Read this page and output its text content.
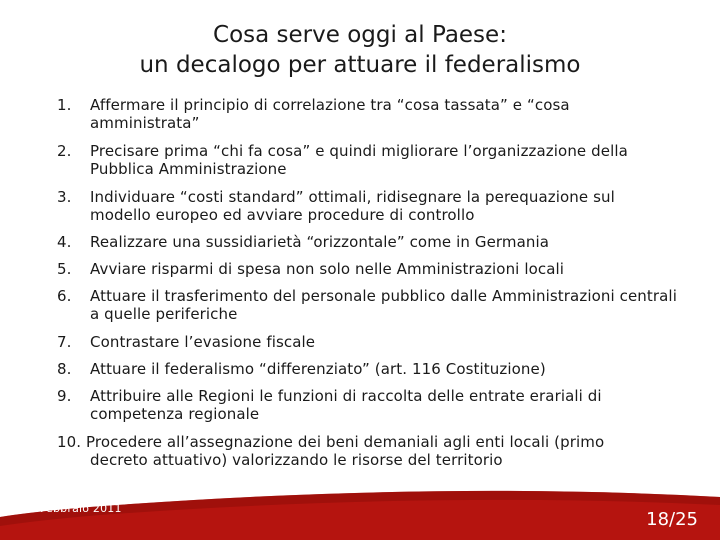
Cosa serve oggi al Paese:
un decalogo per attuare il federalismo
1.	Affermare il principio di correlazione tra “cosa tassata” e “cosa amministrata”
2.	Precisare prima “chi fa cosa” e quindi migliorare l’organizzazione della Pubblica Amministrazione
3.	Individuare “costi standard” ottimali, ridisegnare la perequazione sul modello europeo ed avviare procedure di controllo
4.	Realizzare una sussidiarietà “orizzontale” come in Germania
5.	Avviare risparmi di spesa non solo nelle Amministrazioni locali
6.	Attuare il trasferimento del personale pubblico dalle Amministrazioni centrali a quelle periferiche
7.	Contrastare l’evasione fiscale
8.	Attuare il federalismo “differenziato” (art. 116 Costituzione)
9.	Attribuire alle Regioni le funzioni di raccolta delle entrate erariali di competenza regionale
10. Procedere all’assegnazione dei beni demaniali agli enti locali (primo
decreto attuativo) valorizzando le risorse del territorio
25 Febbraio 2011
18/25
